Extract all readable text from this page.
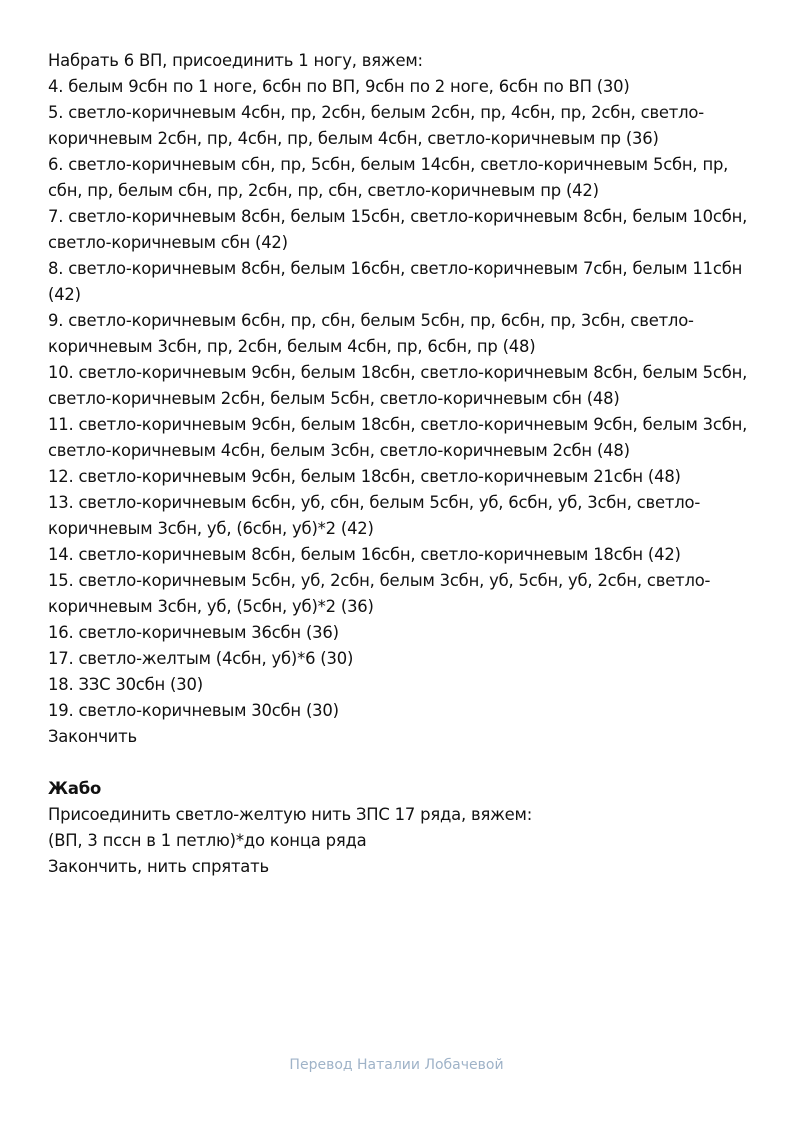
Набрать 6 ВП, присоединить 1 ногу, вяжем:

4. белым 9сбн по 1 ноге, 6сбн по ВП, 9сбн по 2 ноге, 6сбн по ВП (30)

5. светло-коричневым 4сбн, пр, 2сбн, белым 2сбн, пр, 4сбн, пр, 2сбн, светло-коричневым 2сбн, пр, 4сбн, пр, белым 4сбн, светло-коричневым пр (36)

6. светло-коричневым сбн, пр, 5сбн, белым 14сбн, светло-коричневым 5сбн, пр, сбн, пр, белым сбн, пр, 2сбн, пр, сбн, светло-коричневым пр (42)

7. светло-коричневым 8сбн, белым 15сбн, светло-коричневым 8сбн, белым 10сбн, светло-коричневым сбн (42)

8. светло-коричневым 8сбн, белым 16сбн, светло-коричневым 7сбн, белым 11сбн (42)

9. светло-коричневым 6сбн, пр, сбн, белым 5сбн, пр, 6сбн, пр, 3сбн, светло-коричневым 3сбн, пр, 2сбн, белым 4сбн, пр, 6сбн, пр (48)

10. светло-коричневым 9сбн, белым 18сбн, светло-коричневым 8сбн, белым 5сбн, светло-коричневым 2сбн, белым 5сбн, светло-коричневым сбн (48)

11. светло-коричневым 9сбн, белым 18сбн, светло-коричневым 9сбн, белым 3сбн, светло-коричневым 4сбн, белым 3сбн, светло-коричневым 2сбн (48)

12. светло-коричневым 9сбн, белым 18сбн, светло-коричневым 21сбн (48)

13. светло-коричневым 6сбн, уб, сбн, белым 5сбн, уб, 6сбн, уб, 3сбн, светло-коричневым 3сбн, уб, (6сбн, уб)*2 (42)

14. светло-коричневым 8сбн, белым 16сбн, светло-коричневым 18сбн (42)

15. светло-коричневым 5сбн, уб, 2сбн, белым 3сбн, уб, 5сбн, уб, 2сбн, светло-коричневым 3сбн, уб, (5сбн, уб)*2 (36)

16. светло-коричневым 36сбн (36)

17. светло-желтым (4сбн, уб)*6 (30)

18. ЗЗС 30сбн (30)

19. светло-коричневым 30сбн (30)

Закончить

Жабо

Присоединить светло-желтую нить ЗПС 17 ряда, вяжем:

(ВП, 3 пссн в 1 петлю)*до конца ряда

Закончить, нить спрятать

Перевод Наталии Лобачевой
